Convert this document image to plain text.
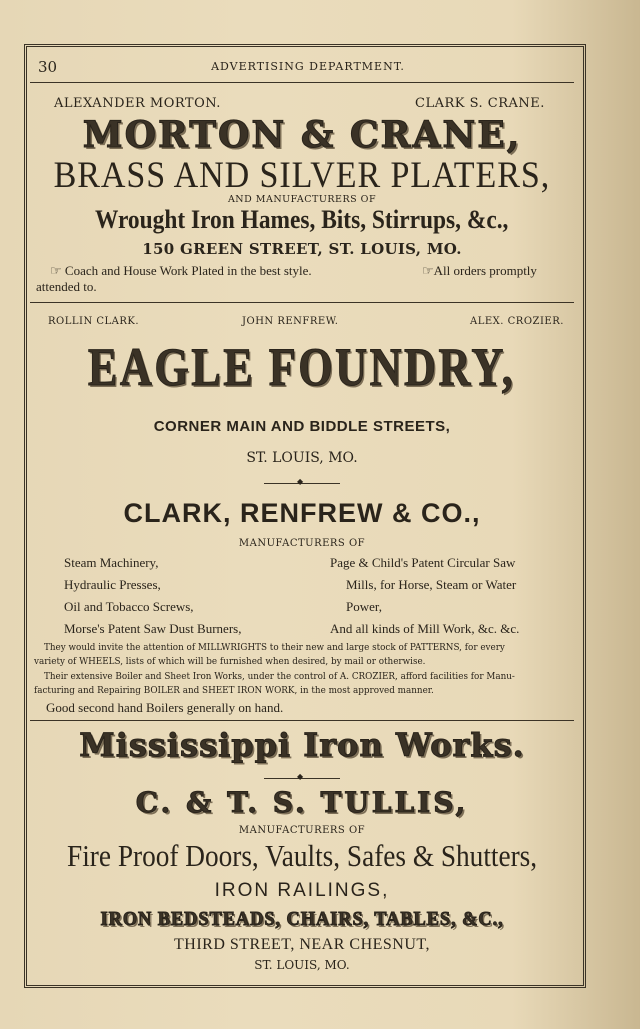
30	ADVERTISING DEPARTMENT.
ALEXANDER MORTON.	CLARK S. CRANE.
MORTON & CRANE,
BRASS AND SILVER PLATERS,
AND MANUFACTURERS OF
Wrought Iron Hames, Bits, Stirrups, &c.,
150 GREEN STREET, ST. LOUIS, MO.
☞ Coach and House Work Plated in the best style.	☞All orders promptly
attended to.
ROLLIN CLARK.	JOHN RENFREW.	ALEX. CROZIER.
EAGLE FOUNDRY,
CORNER MAIN AND BIDDLE STREETS,
ST. LOUIS, MO.
◆
CLARK, RENFREW & CO.,
MANUFACTURERS OF
Steam Machinery,
Hydraulic Presses,
Oil and Tobacco Screws,
Morse's Patent Saw Dust Burners,
Page & Child's Patent Circular Saw
Mills, for Horse, Steam or Water
Power,
And all kinds of Mill Work, &c. &c.
They would invite the attention of MILLWRIGHTS to their new and large stock of PATTERNS, for every
variety of WHEELS, lists of which will be furnished when desired, by mail or otherwise.
Their extensive Boiler and Sheet Iron Works, under the control of A. CROZIER, afford facilities for Manu-
facturing and Repairing BOILER and SHEET IRON WORK, in the most approved manner.
Good second hand Boilers generally on hand.
Mississippi Iron Works.
◆
C. & T. S. TULLIS,
MANUFACTURERS OF
Fire Proof Doors, Vaults, Safes & Shutters,
IRON RAILINGS,
IRON BEDSTEADS, CHAIRS, TABLES, &C.,
THIRD STREET, NEAR CHESNUT,
ST. LOUIS, MO.
